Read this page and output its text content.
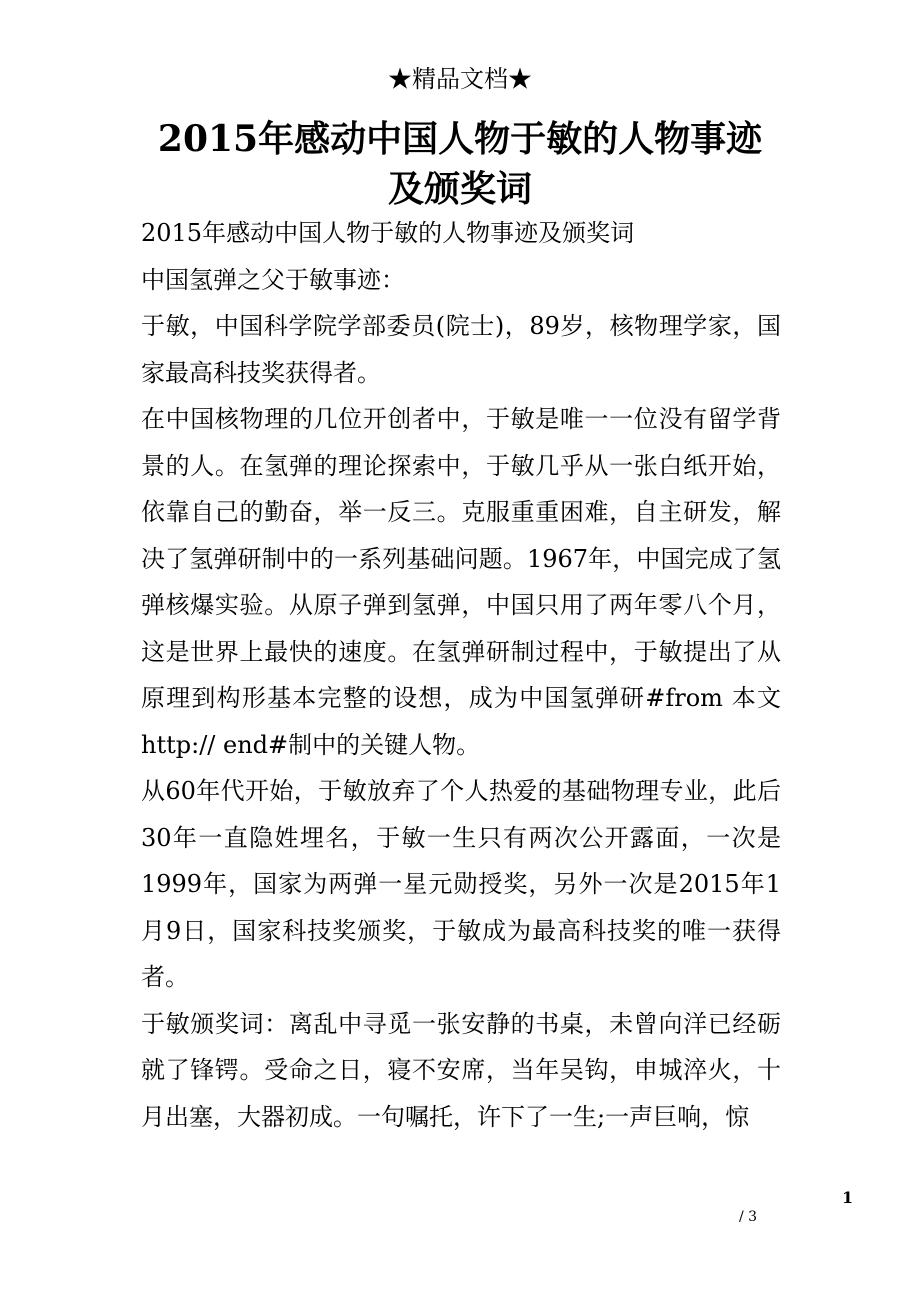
★精品文档★
2015年感动中国人物于敏的人物事迹及颁奖词

2015年感动中国人物于敏的人物事迹及颁奖词

中国氢弹之父于敏事迹：

于敏，中国科学院学部委员(院士)，89岁，核物理学家，国家最高科技奖获得者。

在中国核物理的几位开创者中，于敏是唯一一位没有留学背景的人。在氢弹的理论探索中，于敏几乎从一张白纸开始，依靠自己的勤奋，举一反三。克服重重困难，自主研发，解决了氢弹研制中的一系列基础问题。1967年，中国完成了氢弹核爆实验。从原子弹到氢弹，中国只用了两年零八个月，这是世界上最快的速度。在氢弹研制过程中，于敏提出了从原理到构形基本完整的设想，成为中国氢弹研#from 本文http:// end#制中的关键人物。

从60年代开始，于敏放弃了个人热爱的基础物理专业，此后30年一直隐姓埋名，于敏一生只有两次公开露面，一次是1999年，国家为两弹一星元勋授奖，另外一次是2015年1月9日，国家科技奖颁奖，于敏成为最高科技奖的唯一获得者。

于敏颁奖词：离乱中寻觅一张安静的书桌，未曾向洋已经砺就了锋锷。受命之日，寝不安席，当年吴钩，申城淬火，十月出塞，大器初成。一句嘱托，许下了一生;一声巨响，惊

1
/ 3
